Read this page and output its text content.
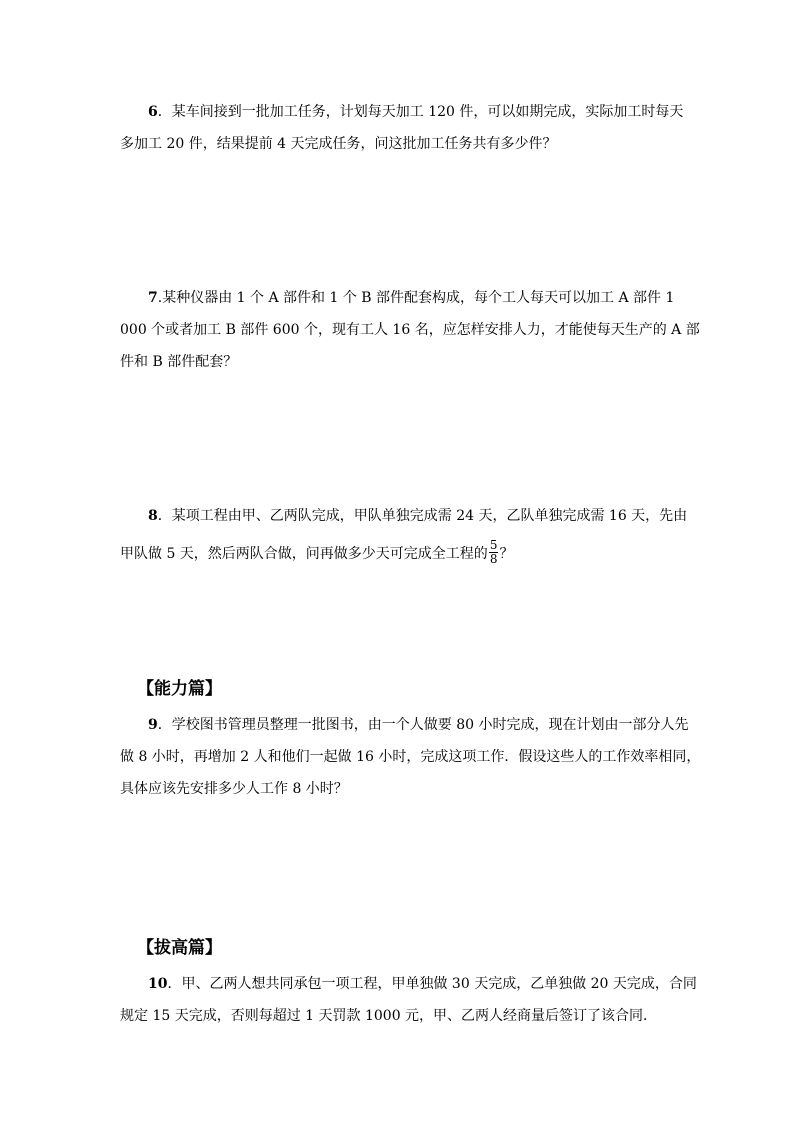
6．某车间接到一批加工任务，计划每天加工 120 件，可以如期完成，实际加工时每天
多加工 20 件，结果提前 4 天完成任务，问这批加工任务共有多少件？
7.某种仪器由 1 个 A 部件和 1 个 B 部件配套构成，每个工人每天可以加工 A 部件 1
000 个或者加工 B 部件 600 个，现有工人 16 名，应怎样安排人力，才能使每天生产的 A 部
件和 B 部件配套？
8．某项工程由甲、乙两队完成，甲队单独完成需 24 天，乙队单独完成需 16 天，先由
甲队做 5 天，然后两队合做，问再做多少天可完成全工程的 $\frac{5}{8}$ ？
【能力篇】
9．学校图书管理员整理一批图书，由一个人做要 80 小时完成，现在计划由一部分人先
做 8 小时，再增加 2 人和他们一起做 16 小时，完成这项工作．假设这些人的工作效率相同，
具体应该先安排多少人工作 8 小时？
【拔高篇】
10．甲、乙两人想共同承包一项工程，甲单独做 30 天完成，乙单独做 20 天完成，合同
规定 15 天完成，否则每超过 1 天罚款 1000 元，甲、乙两人经商量后签订了该合同．
